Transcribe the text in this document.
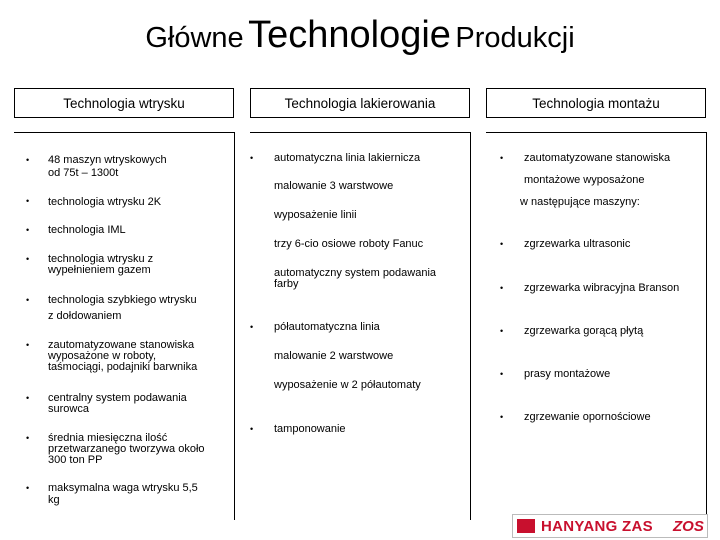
Główne Technologie Produkcji
Technologia wtrysku	Technologia lakierowania	Technologia montażu
• 48 maszyn wtryskowych
od 75t – 1300t
• technologia wtrysku 2K
• technologia IML
• technologia wtrysku z
wypełnieniem gazem
• technologia szybkiego wtrysku
z dołdowaniem
• zautomatyzowane stanowiska
wyposażone w roboty,
taśmociągi, podajniki barwnika
• centralny system podawania
surowca
• średnia miesięczna ilość
przetwarzanego tworzywa około
300 ton PP
• maksymalna waga wtrysku 5,5
kg
• automatyczna linia lakiernicza
malowanie 3 warstwowe
wyposażenie linii
trzy 6-cio osiowe roboty Fanuc
automatyczny system podawania
farby
• półautomatyczna linia
malowanie 2 warstwowe
wyposażenie w 2 półautomaty
• tamponowanie
• zautomatyzowane stanowiska
montażowe wyposażone
w następujące maszyny:
• zgrzewarka ultrasonic
• zgrzewarka wibracyjna Branson
• zgrzewarka gorącą płytą
• prasy montażowe
• zgrzewanie opornościowe
HANYANG ZAS ZOS
